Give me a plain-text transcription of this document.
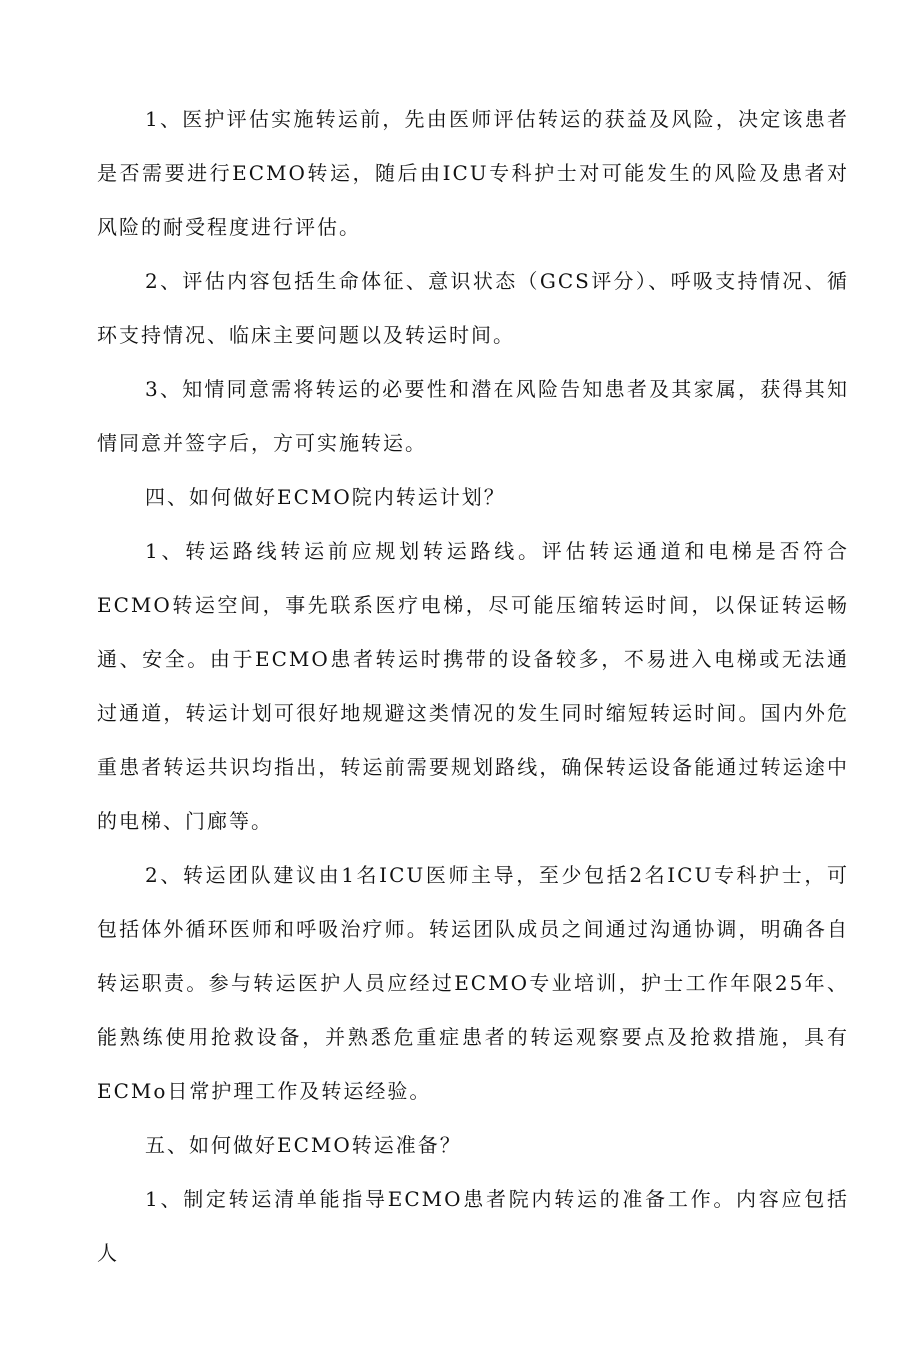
1、医护评估实施转运前，先由医师评估转运的获益及风险，决定该患者是否需要进行ECMO转运，随后由ICU专科护士对可能发生的风险及患者对风险的耐受程度进行评估。

2、评估内容包括生命体征、意识状态（GCS评分）、呼吸支持情况、循环支持情况、临床主要问题以及转运时间。

3、知情同意需将转运的必要性和潜在风险告知患者及其家属，获得其知情同意并签字后，方可实施转运。

四、如何做好ECMO院内转运计划？

1、转运路线转运前应规划转运路线。评估转运通道和电梯是否符合ECMO转运空间，事先联系医疗电梯，尽可能压缩转运时间，以保证转运畅通、安全。由于ECMO患者转运时携带的设备较多，不易进入电梯或无法通过通道，转运计划可很好地规避这类情况的发生同时缩短转运时间。国内外危重患者转运共识均指出，转运前需要规划路线，确保转运设备能通过转运途中的电梯、门廊等。

2、转运团队建议由1名ICU医师主导，至少包括2名ICU专科护士，可包括体外循环医师和呼吸治疗师。转运团队成员之间通过沟通协调，明确各自转运职责。参与转运医护人员应经过ECMO专业培训，护士工作年限25年、能熟练使用抢救设备，并熟悉危重症患者的转运观察要点及抢救措施，具有ECMo日常护理工作及转运经验。

五、如何做好ECMO转运准备？

1、制定转运清单能指导ECMO患者院内转运的准备工作。内容应包括人
